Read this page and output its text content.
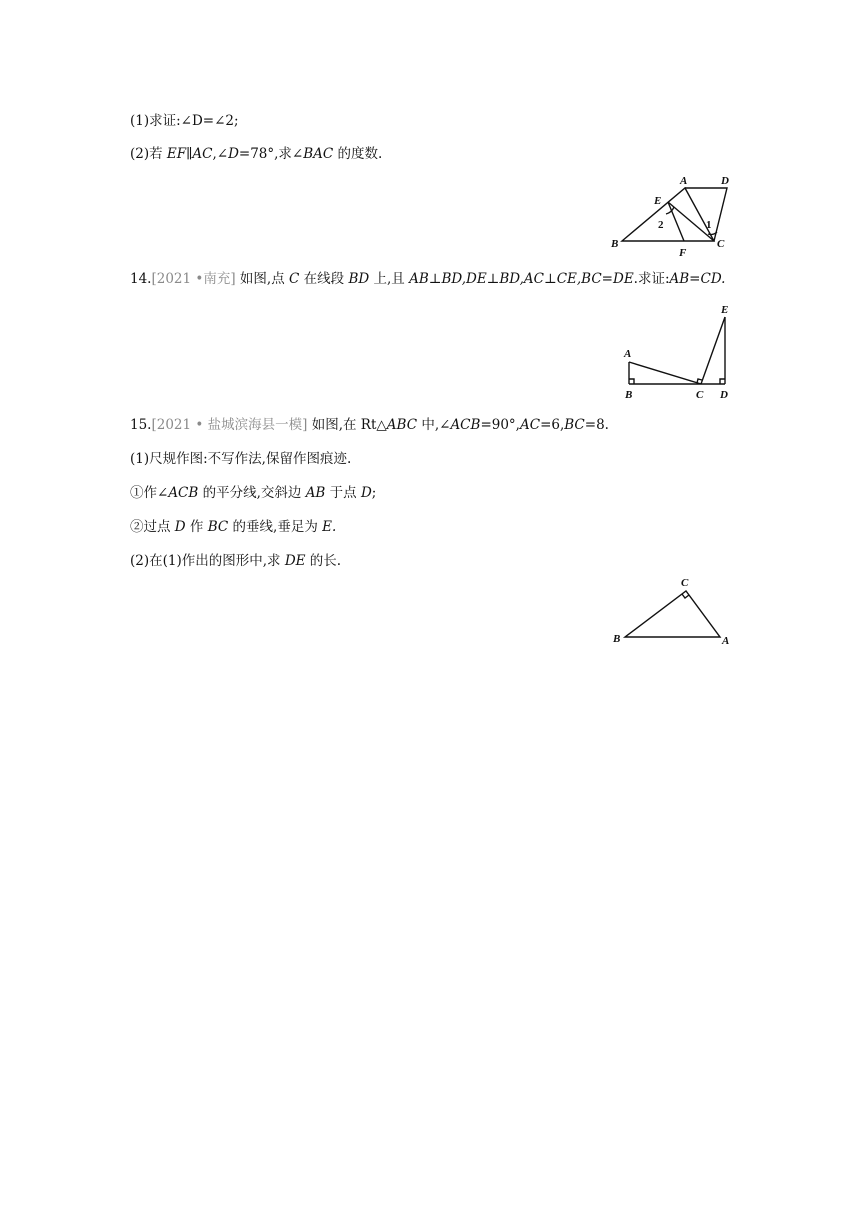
(1)求证:∠D=∠2;
(2)若 EF∥AC,∠D=78°,求∠BAC 的度数.
A	D
E
B
F
C
2	1
14.[2021 •南充] 如图,点 C 在线段 BD 上,且 AB⊥BD,DE⊥BD,AC⊥CE,BC=DE.求证:AB=CD.
A
B	C D
E
15.[2021 • 盐城滨海县一模] 如图,在 Rt△ABC 中,∠ACB=90°,AC=6,BC=8.
(1)尺规作图:不写作法,保留作图痕迹.
①作∠ACB 的平分线,交斜边 AB 于点 D;
②过点 D 作 BC 的垂线,垂足为 E.
(2)在(1)作出的图形中,求 DE 的长.
C
B	A
